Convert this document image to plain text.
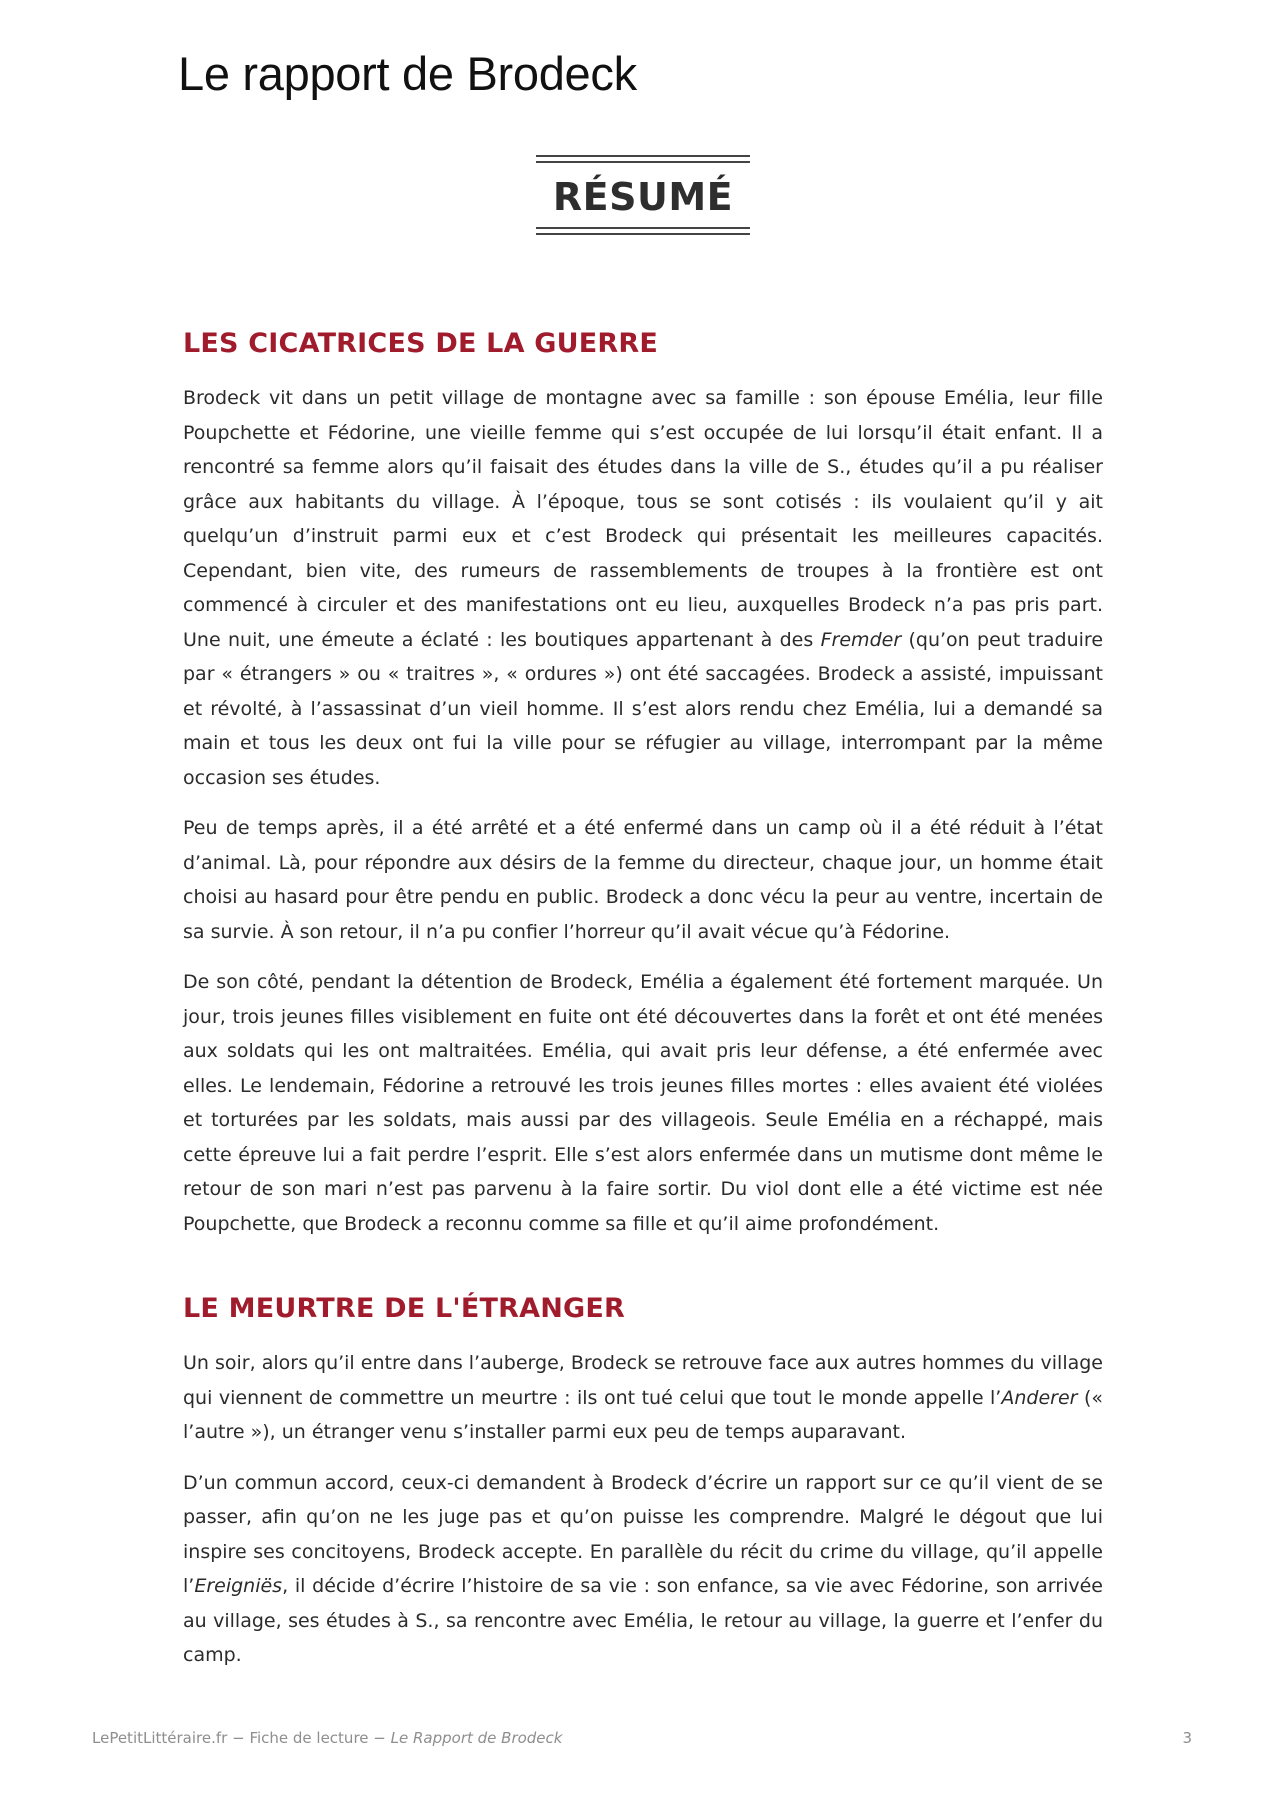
Le rapport de Brodeck
RÉSUMÉ
LES CICATRICES DE LA GUERRE

Brodeck vit dans un petit village de montagne avec sa famille : son épouse Emélia, leur fille Poupchette et Fédorine, une vieille femme qui s’est occupée de lui lorsqu’il était enfant. Il a rencontré sa femme alors qu’il faisait des études dans la ville de S., études qu’il a pu réaliser grâce aux habitants du village. À l’époque, tous se sont cotisés : ils voulaient qu’il y ait quelqu’un d’instruit parmi eux et c’est Brodeck qui présentait les meilleures capacités. Cependant, bien vite, des rumeurs de rassemblements de troupes à la frontière est ont commencé à circuler et des manifestations ont eu lieu, auxquelles Brodeck n’a pas pris part. Une nuit, une émeute a éclaté : les boutiques appartenant à des Fremder (qu’on peut traduire par « étrangers » ou « traitres », « ordures ») ont été saccagées. Brodeck a assisté, impuissant et révolté, à l’assassinat d’un vieil homme. Il s’est alors rendu chez Emélia, lui a demandé sa main et tous les deux ont fui la ville pour se réfugier au village, interrompant par la même occasion ses études.

Peu de temps après, il a été arrêté et a été enfermé dans un camp où il a été réduit à l’état d’animal. Là, pour répondre aux désirs de la femme du directeur, chaque jour, un homme était choisi au hasard pour être pendu en public. Brodeck a donc vécu la peur au ventre, incertain de sa survie. À son retour, il n’a pu confier l’horreur qu’il avait vécue qu’à Fédorine.

De son côté, pendant la détention de Brodeck, Emélia a également été fortement marquée. Un jour, trois jeunes filles visiblement en fuite ont été découvertes dans la forêt et ont été menées aux soldats qui les ont maltraitées. Emélia, qui avait pris leur défense, a été enfermée avec elles. Le lendemain, Fédorine a retrouvé les trois jeunes filles mortes : elles avaient été violées et torturées par les soldats, mais aussi par des villageois. Seule Emélia en a réchappé, mais cette épreuve lui a fait perdre l’esprit. Elle s’est alors enfermée dans un mutisme dont même le retour de son mari n’est pas parvenu à la faire sortir. Du viol dont elle a été victime est née Poupchette, que Brodeck a reconnu comme sa fille et qu’il aime profondément.

LE MEURTRE DE L'ÉTRANGER

Un soir, alors qu’il entre dans l’auberge, Brodeck se retrouve face aux autres hommes du village qui viennent de commettre un meurtre : ils ont tué celui que tout le monde appelle l’Anderer (« l’autre »), un étranger venu s’installer parmi eux peu de temps auparavant.

D’un commun accord, ceux-ci demandent à Brodeck d’écrire un rapport sur ce qu’il vient de se passer, afin qu’on ne les juge pas et qu’on puisse les comprendre. Malgré le dégout que lui inspire ses concitoyens, Brodeck accepte. En parallèle du récit du crime du village, qu’il appelle l’Ereigniës, il décide d’écrire l’histoire de sa vie : son enfance, sa vie avec Fédorine, son arrivée au village, ses études à S., sa rencontre avec Emélia, le retour au village, la guerre et l’enfer du camp.

LePetitLittéraire.fr − Fiche de lecture − Le Rapport de Brodeck	3
